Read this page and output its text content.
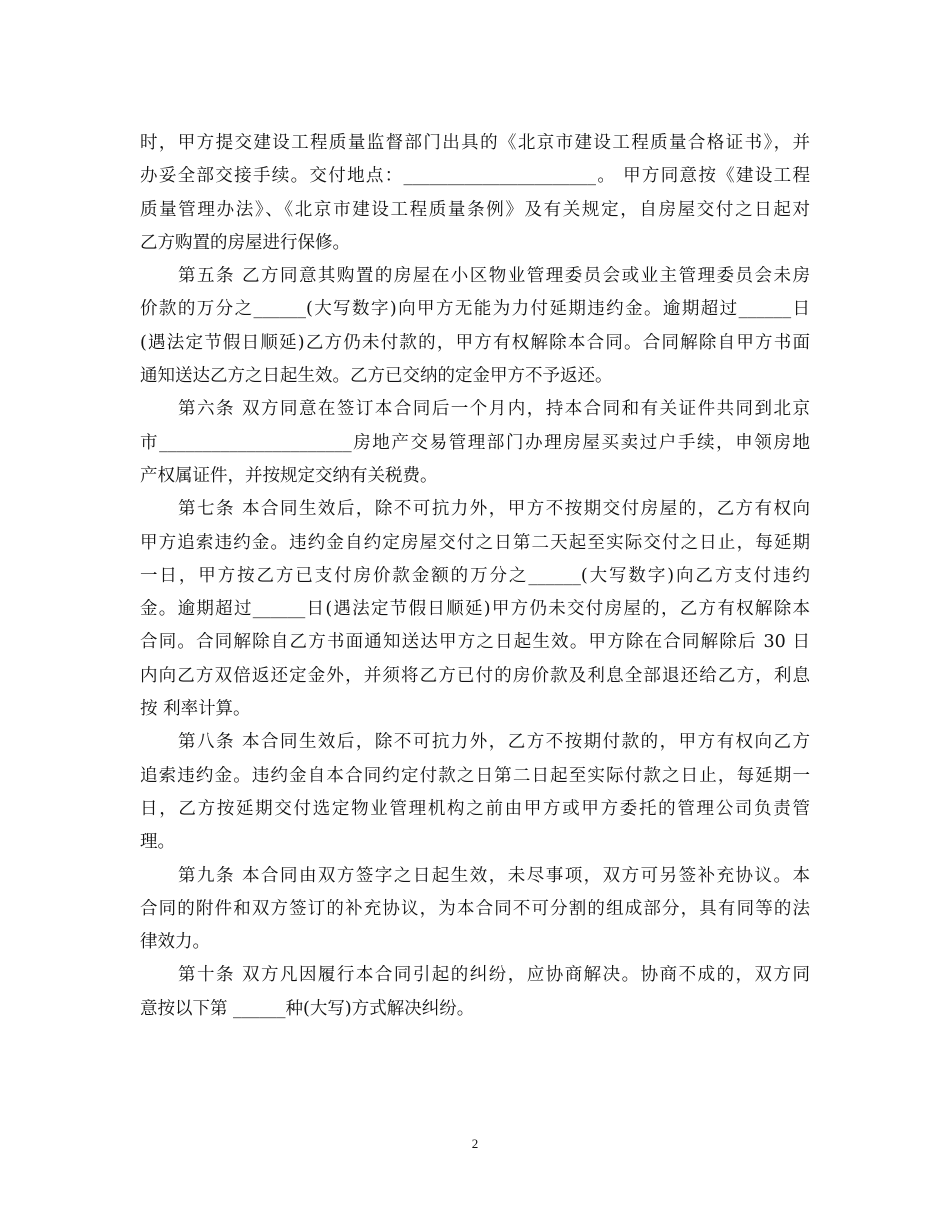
时，甲方提交建设工程质量监督部门出具的《北京市建设工程质量合格证书》，并
办妥全部交接手续。交付地点：______________________。 甲方同意按《建设工程
质量管理办法》、《北京市建设工程质量条例》及有关规定，自房屋交付之日起对
乙方购置的房屋进行保修。
第五条 乙方同意其购置的房屋在小区物业管理委员会或业主管理委员会未房
价款的万分之______(大写数字)向甲方无能为力付延期违约金。逾期超过______日
(遇法定节假日顺延)乙方仍未付款的，甲方有权解除本合同。合同解除自甲方书面
通知送达乙方之日起生效。乙方已交纳的定金甲方不予返还。
第六条 双方同意在签订本合同后一个月内，持本合同和有关证件共同到北京
市______________________房地产交易管理部门办理房屋买卖过户手续，申领房地
产权属证件，并按规定交纳有关税费。
第七条 本合同生效后，除不可抗力外，甲方不按期交付房屋的，乙方有权向
甲方追索违约金。违约金自约定房屋交付之日第二天起至实际交付之日止，每延期
一日，甲方按乙方已支付房价款金额的万分之______(大写数字)向乙方支付违约
金。逾期超过______日(遇法定节假日顺延)甲方仍未交付房屋的，乙方有权解除本
合同。合同解除自乙方书面通知送达甲方之日起生效。甲方除在合同解除后 30 日
内向乙方双倍返还定金外，并须将乙方已付的房价款及利息全部退还给乙方，利息
按 利率计算。
第八条 本合同生效后，除不可抗力外，乙方不按期付款的，甲方有权向乙方
追索违约金。违约金自本合同约定付款之日第二日起至实际付款之日止，每延期一
日，乙方按延期交付选定物业管理机构之前由甲方或甲方委托的管理公司负责管
理。
第九条 本合同由双方签字之日起生效，未尽事项，双方可另签补充协议。本
合同的附件和双方签订的补充协议，为本合同不可分割的组成部分，具有同等的法
律效力。
第十条 双方凡因履行本合同引起的纠纷，应协商解决。协商不成的，双方同
意按以下第 ______种(大写)方式解决纠纷。
2
